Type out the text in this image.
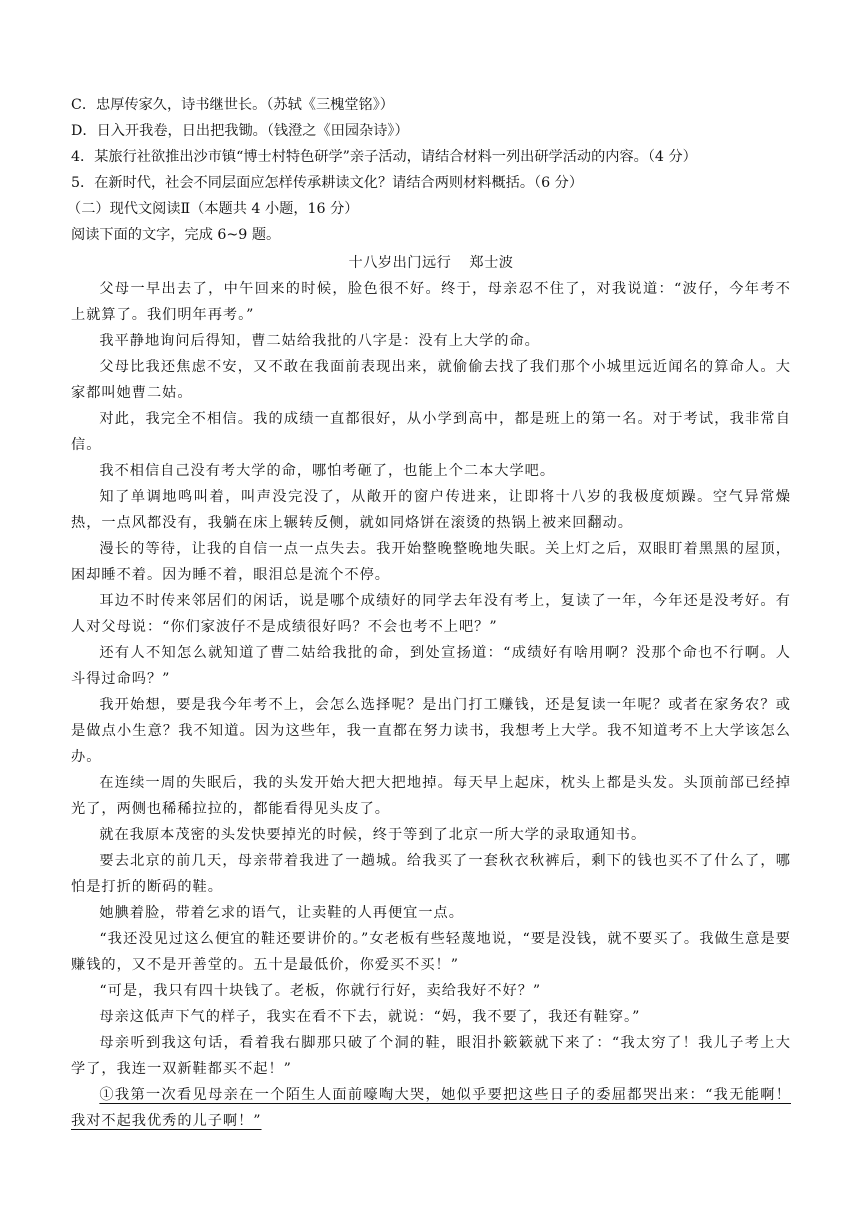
C．忠厚传家久，诗书继世长。（苏轼《三槐堂铭》）
D．日入开我卷，日出把我锄。（钱澄之《田园杂诗》）
4．某旅行社欲推出沙市镇“博士村特色研学”亲子活动，请结合材料一列出研学活动的内容。（4 分）
5．在新时代，社会不同层面应怎样传承耕读文化？请结合两则材料概括。（6 分）
（二）现代文阅读Ⅱ（本题共 4 小题，16 分）
阅读下面的文字，完成 6~9 题。
十八岁出门远行 郑士波

父母一早出去了，中午回来的时候，脸色很不好。终于，母亲忍不住了，对我说道：“波仔，今年考不上就算了。我们明年再考。”

我平静地询问后得知，曹二姑给我批的八字是：没有上大学的命。

父母比我还焦虑不安，又不敢在我面前表现出来，就偷偷去找了我们那个小城里远近闻名的算命人。大家都叫她曹二姑。

对此，我完全不相信。我的成绩一直都很好，从小学到高中，都是班上的第一名。对于考试，我非常自信。

我不相信自己没有考大学的命，哪怕考砸了，也能上个二本大学吧。

知了单调地鸣叫着，叫声没完没了，从敞开的窗户传进来，让即将十八岁的我极度烦躁。空气异常燥热，一点风都没有，我躺在床上辗转反侧，就如同烙饼在滚烫的热锅上被来回翻动。

漫长的等待，让我的自信一点一点失去。我开始整晚整晚地失眠。关上灯之后，双眼盯着黑黑的屋顶，困却睡不着。因为睡不着，眼泪总是流个不停。

耳边不时传来邻居们的闲话，说是哪个成绩好的同学去年没有考上，复读了一年，今年还是没考好。有人对父母说：“你们家波仔不是成绩很好吗？不会也考不上吧？”

还有人不知怎么就知道了曹二姑给我批的命，到处宣扬道：“成绩好有啥用啊？没那个命也不行啊。人斗得过命吗？”

我开始想，要是我今年考不上，会怎么选择呢？是出门打工赚钱，还是复读一年呢？或者在家务农？或是做点小生意？我不知道。因为这些年，我一直都在努力读书，我想考上大学。我不知道考不上大学该怎么办。

在连续一周的失眠后，我的头发开始大把大把地掉。每天早上起床，枕头上都是头发。头顶前部已经掉光了，两侧也稀稀拉拉的，都能看得见头皮了。

就在我原本茂密的头发快要掉光的时候，终于等到了北京一所大学的录取通知书。

要去北京的前几天，母亲带着我进了一趟城。给我买了一套秋衣秋裤后，剩下的钱也买不了什么了，哪怕是打折的断码的鞋。

她腆着脸，带着乞求的语气，让卖鞋的人再便宜一点。

“我还没见过这么便宜的鞋还要讲价的。”女老板有些轻蔑地说，“要是没钱，就不要买了。我做生意是要赚钱的，又不是开善堂的。五十是最低价，你爱买不买！”

“可是，我只有四十块钱了。老板，你就行行好，卖给我好不好？”

母亲这低声下气的样子，我实在看不下去，就说：“妈，我不要了，我还有鞋穿。”

母亲听到我这句话，看着我右脚那只破了个洞的鞋，眼泪扑簌簌就下来了：“我太穷了！我儿子考上大学了，我连一双新鞋都买不起！”

①我第一次看见母亲在一个陌生人面前嚎啕大哭，她似乎要把这些日子的委屈都哭出来：“我无能啊！我对不起我优秀的儿子啊！”
